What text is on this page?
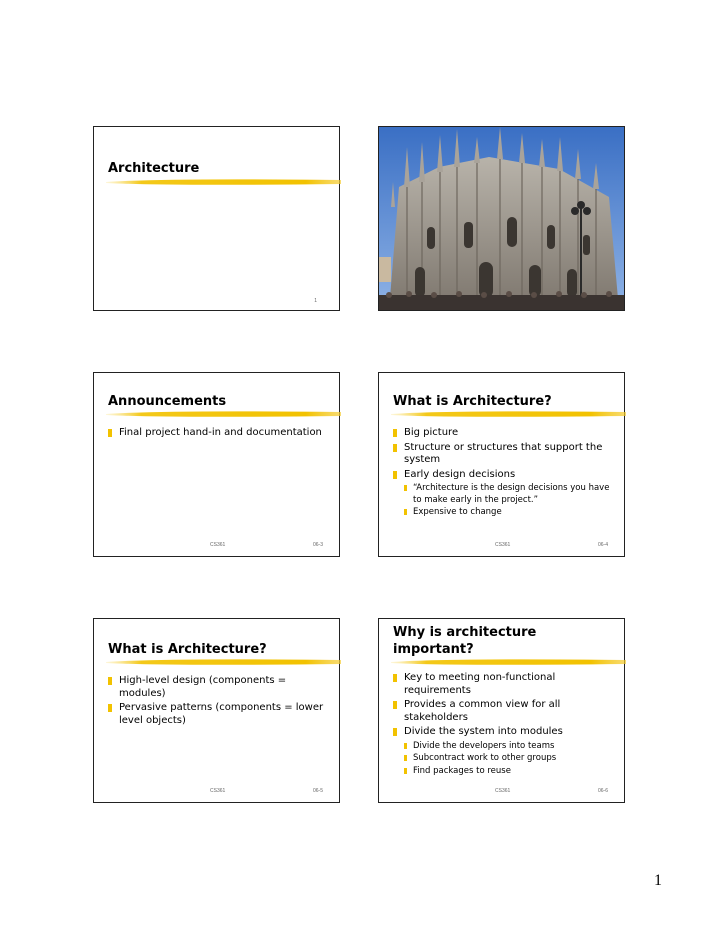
Architecture
1
Announcements
Final project hand-in and documentation
CS361	06-3
What is Architecture?
Big picture
Structure or structures that support the system
Early design decisions
“Architecture is the design decisions you have to make early in the project.”
Expensive to change
CS361	06-4
What is Architecture?
High-level design (components = modules)
Pervasive patterns (components = lower level objects)
CS361	06-5
Why is architecture
important?
Key to meeting non-functional requirements
Provides a common view for all stakeholders
Divide the system into modules
Divide the developers into teams
Subcontract work to other groups
Find packages to reuse
CS361	06-6
1
